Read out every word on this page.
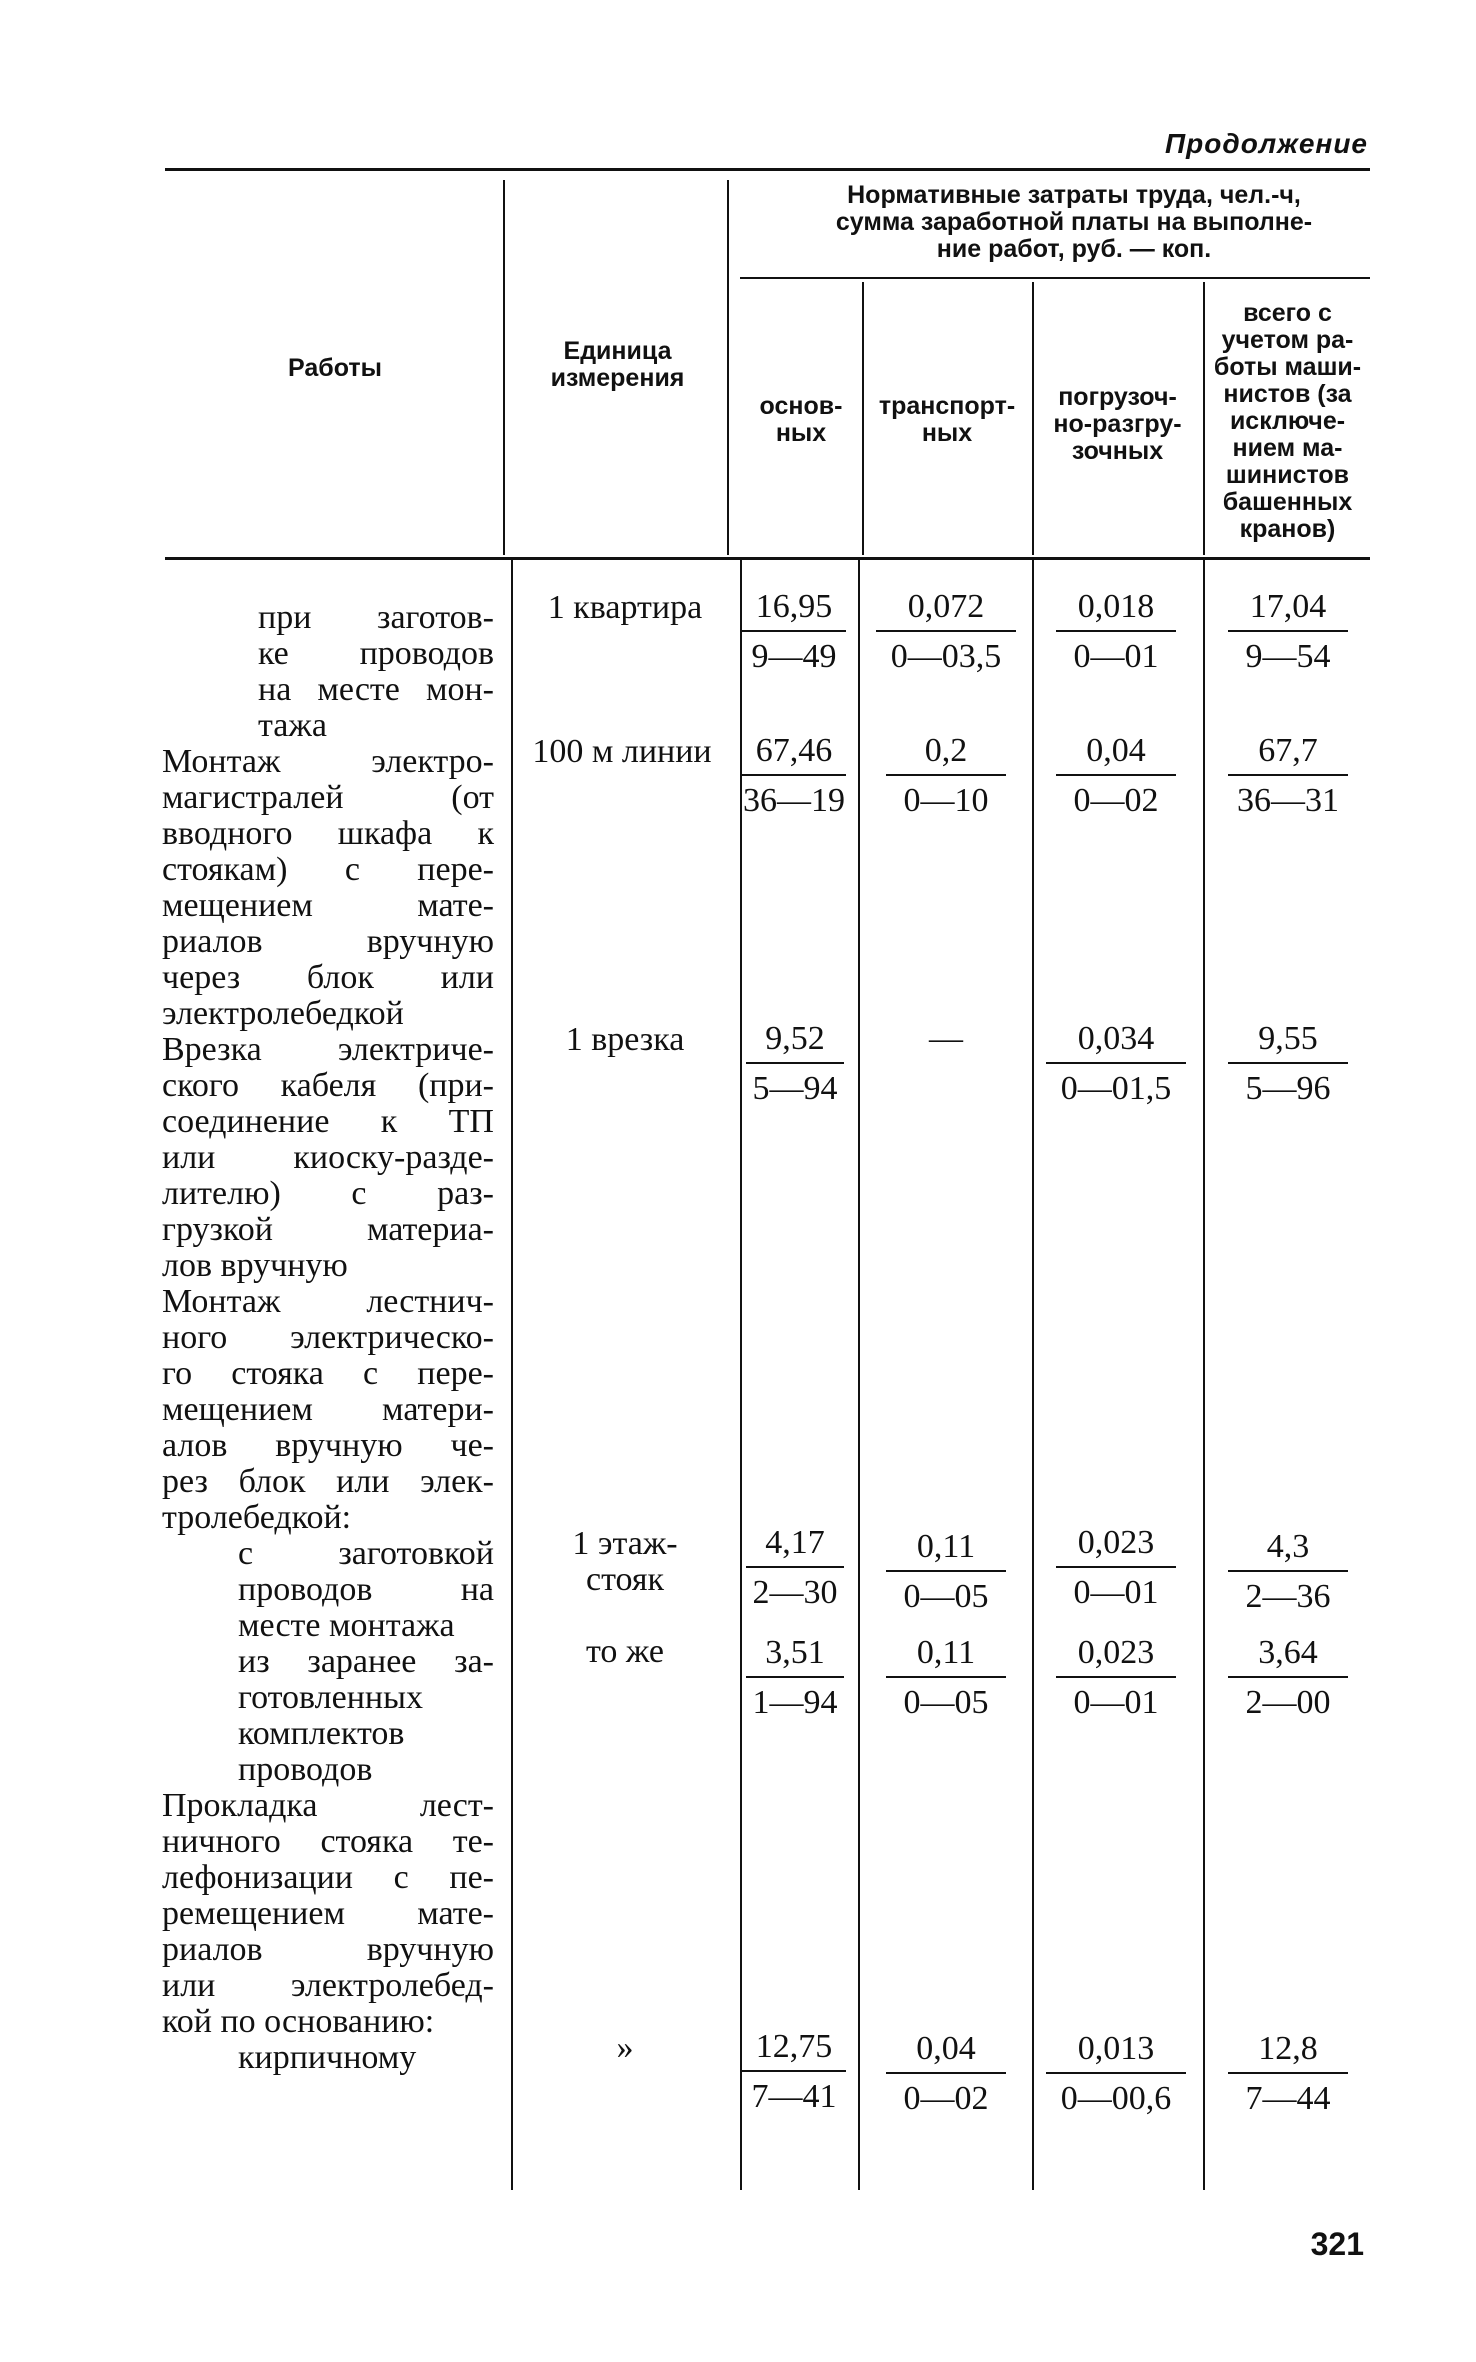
Продолжение
Работы
Единица
измерения
Нормативные затраты труда, чел.-ч,
сумма заработной платы на выполне-
ние работ, руб. — коп.
основ-
ных
транспорт-
ных
погрузоч-
но-разгру-
зочных
всего с
учетом ра-
боты маши-
нистов (за
исключе-
нием ма-
шинистов
башенных
кранов)
при заготов-
ке проводов
на месте мон-
тажа
Монтаж электро-
магистралей (от
вводного шкафа к
стоякам) с пере-
мещением мате-
риалов вручную
через блок или
электролебедкой
Врезка электриче-
ского кабеля (при-
соединение к ТП
или киоску-разде-
лителю) с раз-
грузкой материа-
лов вручную
Монтаж лестнич-
ного электрическо-
го стояка с пере-
мещением матери-
алов вручную че-
рез блок или элек-
тролебедкой:
с заготовкой
проводов на
месте монтажа
из заранее за-
готовленных
комплектов
проводов
Прокладка лест-
ничного стояка те-
лефонизации с пе-
ремещением мате-
риалов вручную
или электролебед-
кой по основанию:
кирпичному
1 квартира
100 м линии
1 врезка
1 этаж-
стояк
то же
»
16,95
9—49
0,072
0—03,5
0,018
0—01
17,04
9—54
67,46
36—19
0,2
0—10
0,04
0—02
67,7
36—31
9,52
5—94
—	0,034
0—01,5
9,55
5—96
4,17
2—30
0,11
0—05
0,023
0—01
4,3
2—36
3,51
1—94
0,11
0—05
0,023
0—01
3,64
2—00
12,75
7—41
0,04
0—02
0,013
0—00,6
12,8
7—44
321
